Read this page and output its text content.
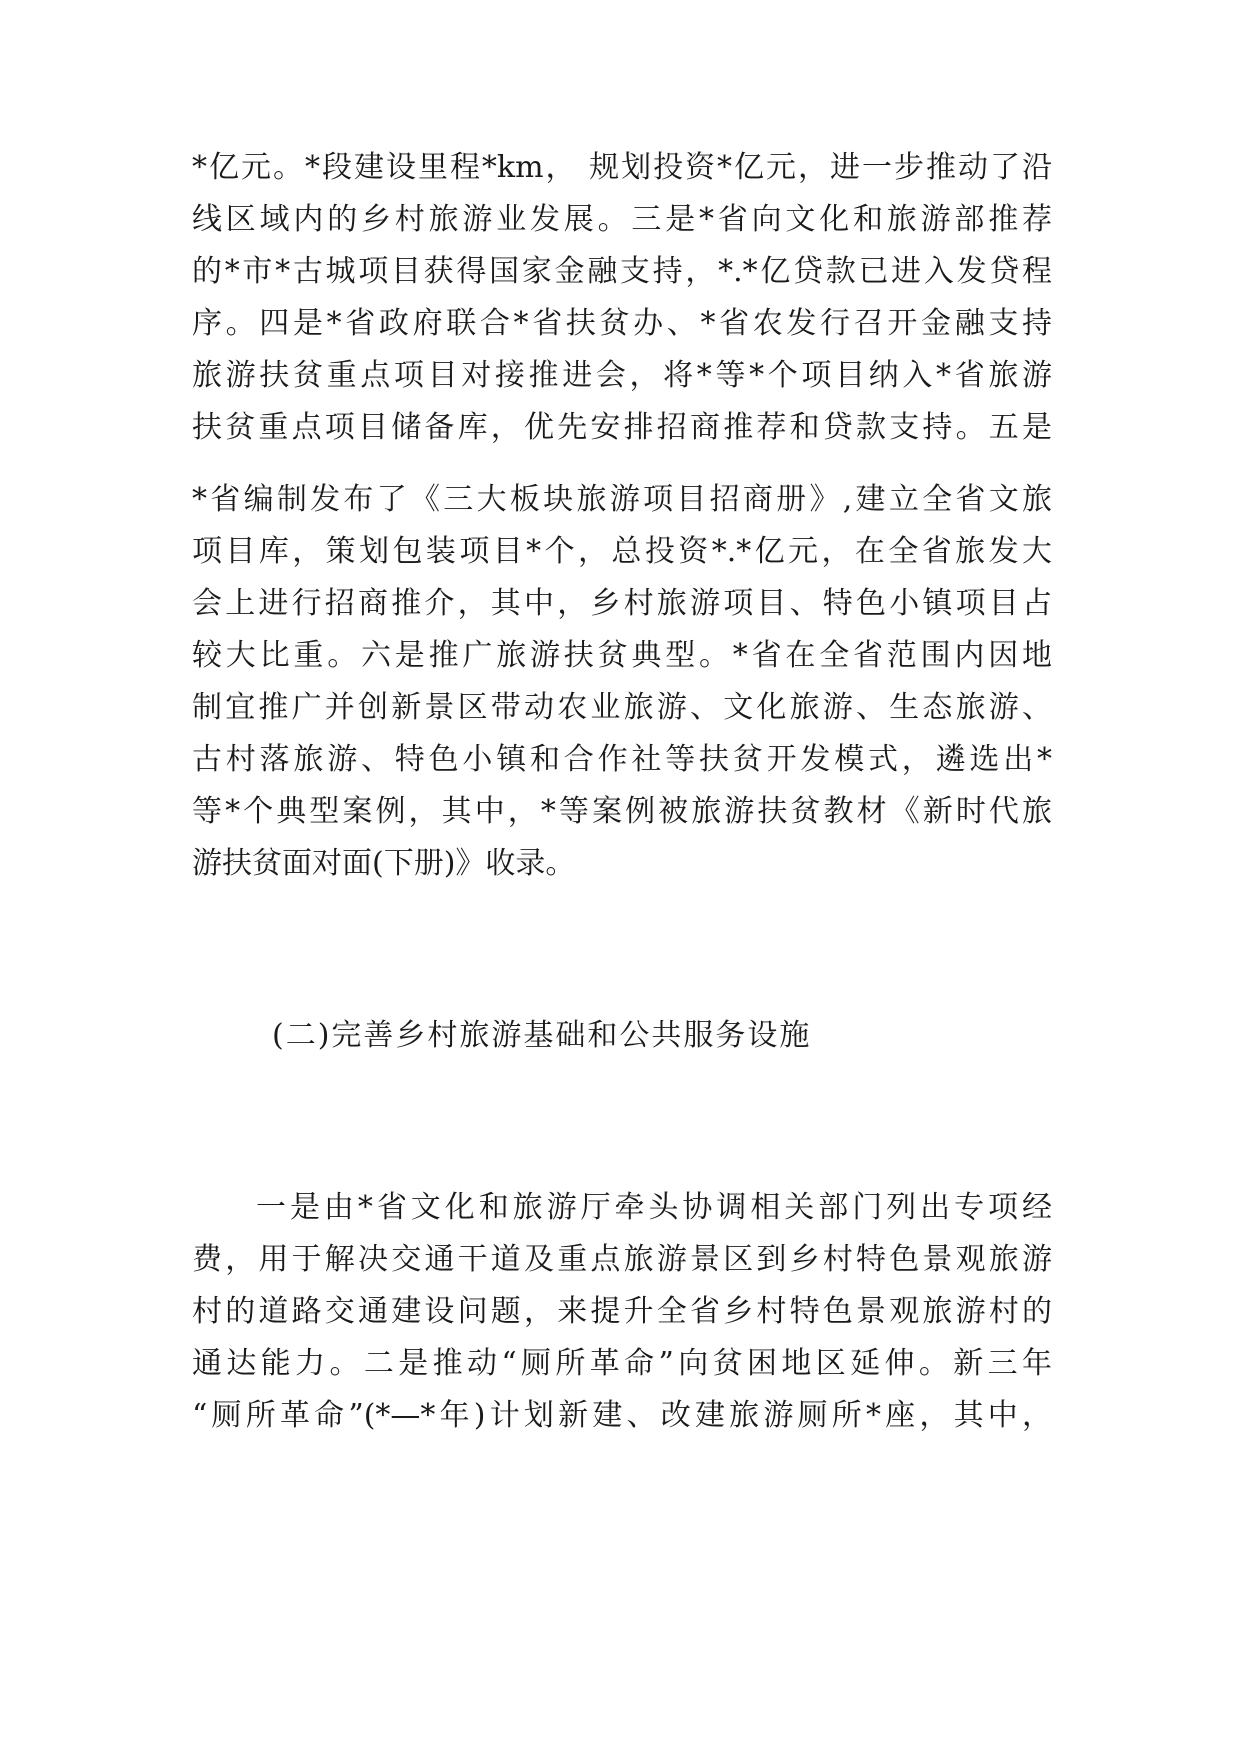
*亿元。*段建设里程*km， 规划投资*亿元，进一步推动了沿
线区域内的乡村旅游业发展。三是*省向文化和旅游部推荐
的*市*古城项目获得国家金融支持，*.*亿贷款已进入发贷程
序。四是*省政府联合*省扶贫办、*省农发行召开金融支持
旅游扶贫重点项目对接推进会，将*等*个项目纳入*省旅游
扶贫重点项目储备库，优先安排招商推荐和贷款支持。五是
*省编制发布了《三大板块旅游项目招商册》,建立全省文旅
项目库，策划包装项目*个，总投资*.*亿元，在全省旅发大
会上进行招商推介，其中，乡村旅游项目、特色小镇项目占
较大比重。六是推广旅游扶贫典型。*省在全省范围内因地
制宜推广并创新景区带动农业旅游、文化旅游、生态旅游、
古村落旅游、特色小镇和合作社等扶贫开发模式，遴选出*
等*个典型案例，其中，*等案例被旅游扶贫教材《新时代旅
游扶贫面对面(下册)》收录。
(二)完善乡村旅游基础和公共服务设施
一是由*省文化和旅游厅牵头协调相关部门列出专项经
费，用于解决交通干道及重点旅游景区到乡村特色景观旅游
村的道路交通建设问题，来提升全省乡村特色景观旅游村的
通达能力。二是推动“厕所革命”向贫困地区延伸。新三年
“厕所革命”(*—*年)计划新建、改建旅游厕所*座，其中，
